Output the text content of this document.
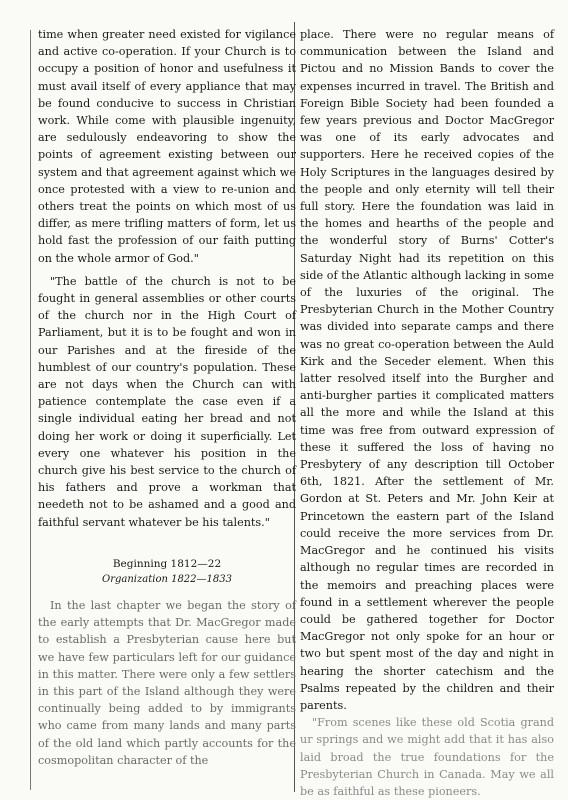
time when greater need existed for vigilance and active co-operation. If your Church is to occupy a position of honor and usefulness it must avail itself of every appliance that may be found conducive to success in Christian work. While come with plausible ingenuity, are sedulously endeavoring to show the points of agreement existing between our system and that agreement against which we once protested with a view to re-union and others treat the points on which most of us differ, as mere trifling matters of form, let us hold fast the profession of our faith putting on the whole armor of God."

"The battle of the church is not to be fought in general assemblies or other courts of the church nor in the High Court of Parliament, but it is to be fought and won in our Parishes and at the fireside of the humblest of our country's population. These are not days when the Church can with patience contemplate the case even if a single individual eating her bread and not doing her work or doing it superficially. Let every one whatever his position in the church give his best service to the church of his fathers and prove a workman that needeth not to be ashamed and a good and faithful servant whatever be his talents."

Beginning 1812—22
Organization 1822—1833

In the last chapter we began the story of the early attempts that Dr. MacGregor made to establish a Presbyterian cause here but we have few particulars left for our guidance in this matter. There were only a few settlers in this part of the Island although they were continually being added to by immigrants who came from many lands and many parts of the old land which partly accounts for the cosmopolitan character of the

place. There were no regular means of communication between the Island and Pictou and no Mission Bands to cover the expenses incurred in travel. The British and Foreign Bible Society had been founded a few years previous and Doctor MacGregor was one of its early advocates and supporters. Here he received copies of the Holy Scriptures in the languages desired by the people and only eternity will tell their full story. Here the foundation was laid in the homes and hearths of the people and the wonderful story of Burns' Cotter's Saturday Night had its repetition on this side of the Atlantic although lacking in some of the luxuries of the original. The Presbyterian Church in the Mother Country was divided into separate camps and there was no great co-operation between the Auld Kirk and the Seceder element. When this latter resolved itself into the Burgher and anti-burgher parties it complicated matters all the more and while the Island at this time was free from outward expression of these it suffered the loss of having no Presbytery of any description till October 6th, 1821. After the settlement of Mr. Gordon at St. Peters and Mr. John Keir at Princetown the eastern part of the Island could receive the more services from Dr. MacGregor and he continued his visits although no regular times are recorded in the memoirs and preaching places were found in a settlement wherever the people could be gathered together for Doctor MacGregor not only spoke for an hour or two but spent most of the day and night in hearing the shorter catechism and the Psalms repeated by the children and their parents.

"From scenes like these old Scotia grand ur springs and we might add that it has also laid broad the true foundations for the Presbyterian Church in Canada. May we all be as faithful as these pioneers.
